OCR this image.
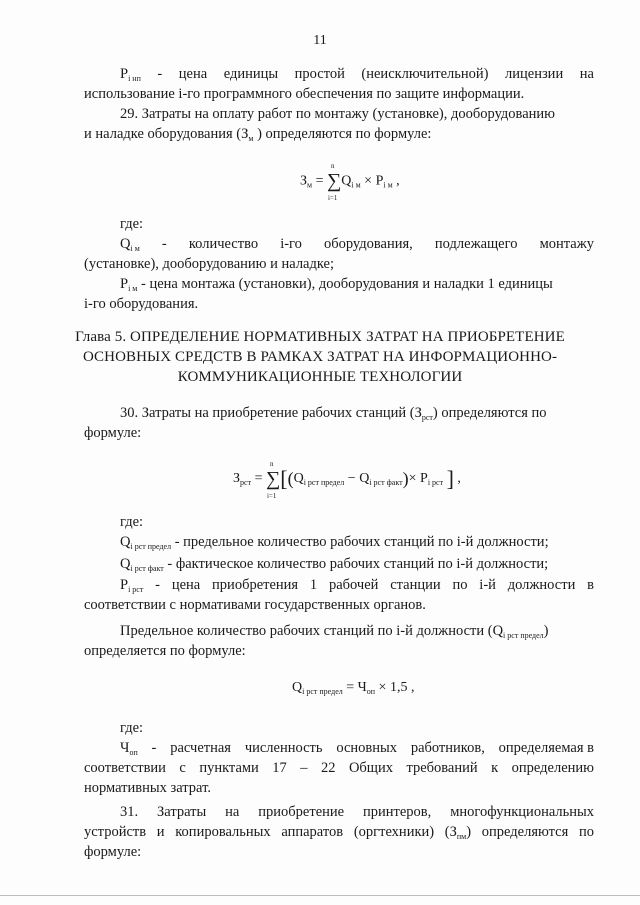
11
$P_{i нп}$ - цена единицы простой (неисключительной) лицензии на
использование i-го программного обеспечения по защите информации.
29. Затраты на оплату работ по монтажу (установке), дооборудованию
и наладке оборудования ($З_м$ ) определяются по формуле:
$З_м$ = ∑
n
i=1
$Q_{i м} \times P_{i м}$ ,
где:
$Q_{i м}$ - количество i-го оборудования, подлежащего монтажу
(установке), дооборудованию и наладке;
$P_{i м}$ - цена монтажа (установки), дооборудования и наладки 1 единицы
i-го оборудования.
Глава 5. ОПРЕДЕЛЕНИЕ НОРМАТИВНЫХ ЗАТРАТ НА ПРИОБРЕТЕНИЕ
ОСНОВНЫХ СРЕДСТВ В РАМКАХ ЗАТРАТ НА ИНФОРМАЦИОННО-
КОММУНИКАЦИОННЫЕ ТЕХНОЛОГИИ
30. Затраты на приобретение рабочих станций $(З_{рст})$ определяются по
формуле:
$З_{рст}$ = ∑
n
i=1
[$(Q_{i рст предел} - Q_{i рст факт})\times P_{i рст}$ ] ,
где:
$Q_{i рст предел}$ - предельное количество рабочих станций по i-й должности;
$Q_{i рст факт}$ - фактическое количество рабочих станций по i-й должности;
$P_{i рст}$ - цена приобретения 1 рабочей станции по i-й должности в
соответствии с нормативами государственных органов.
Предельное количество рабочих станций по i-й должности $(Q_{i рст предел})$
определяется по формуле:
$Q_{i рст предел} = Ч_{оп} \times 1,5$ ,
где:
$Ч_{оп}$ - расчетная численность основных работников, определяемая в
соответствии с пунктами 17 – 22 Общих требований к определению
нормативных затрат.
31. Затраты на приобретение принтеров, многофункциональных
устройств и копировальных аппаратов (оргтехники) $(З_{пм})$ определяются по
формуле:
